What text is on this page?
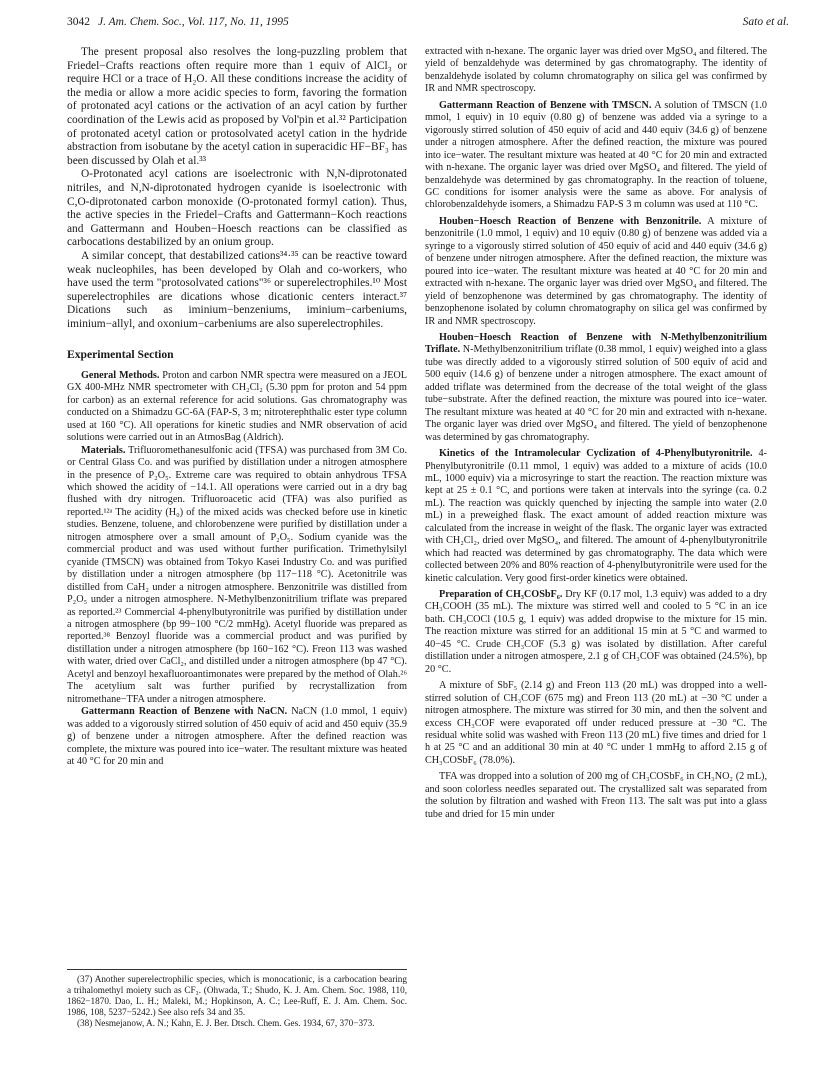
3042 J. Am. Chem. Soc., Vol. 117, No. 11, 1995	Sato et al.

The present proposal also resolves the long-puzzling problem that Friedel−Crafts reactions often require more than 1 equiv of AlCl₃ or require HCl or a trace of H₂O. All these conditions increase the acidity of the media or allow a more acidic species to form, favoring the formation of protonated acyl cations or the activation of an acyl cation by further coordination of the Lewis acid as proposed by Vol'pin et al.³² Participation of protonated acetyl cation or protosolvated acetyl cation in the hydride abstraction from isobutane by the acetyl cation in superacidic HF−BF₃ has been discussed by Olah et al.³³

O-Protonated acyl cations are isoelectronic with N,N-diprotonated nitriles, and N,N-diprotonated hydrogen cyanide is isoelectronic with C,O-diprotonated carbon monoxide (O-protonated formyl cation). Thus, the active species in the Friedel−Crafts and Gattermann−Koch reactions and Gattermann and Houben−Hoesch reactions can be classified as carbocations destabilized by an onium group.

A similar concept, that destabilized cations³⁴·³⁵ can be reactive toward weak nucleophiles, has been developed by Olah and co-workers, who have used the term "protosolvated cations"³⁶ or superelectrophiles.¹⁰ Most superelectrophiles are dications whose dicationic centers interact.³⁷ Dications such as iminium−benzeniums, iminium−carbeniums, iminium−allyl, and oxonium−carbeniums are also superelectrophiles.

Experimental Section

General Methods. Proton and carbon NMR spectra were measured on a JEOL GX 400-MHz NMR spectrometer with CH₂Cl₂ (5.30 ppm for proton and 54 ppm for carbon) as an external reference for acid solutions. Gas chromatography was conducted on a Shimadzu GC-6A (FAP-S, 3 m; nitroterephthalic ester type column used at 160 °C). All operations for kinetic studies and NMR observation of acid solutions were carried out in an AtmosBag (Aldrich).

Materials. Trifluoromethanesulfonic acid (TFSA) was purchased from 3M Co. or Central Glass Co. and was purified by distillation under a nitrogen atmosphere in the presence of P₂O₅. Extreme care was required to obtain anhydrous TFSA which showed the acidity of −14.1. All operations were carried out in a dry bag flushed with dry nitrogen. Trifluoroacetic acid (TFA) was also purified as reported.¹²ᵃ The acidity (H₀) of the mixed acids was checked before use in kinetic studies. Benzene, toluene, and chlorobenzene were purified by distillation under a nitrogen atmosphere over a small amount of P₂O₅. Sodium cyanide was the commercial product and was used without further purification. Trimethylsilyl cyanide (TMSCN) was obtained from Tokyo Kasei Industry Co. and was purified by distillation under a nitrogen atmosphere (bp 117−118 °C). Acetonitrile was distilled from CaH₂ under a nitrogen atmosphere. Benzonitrile was distilled from P₂O₅ under a nitrogen atmosphere. N-Methylbenzonitrilium triflate was prepared as reported.²³ Commercial 4-phenylbutyronitrile was purified by distillation under a nitrogen atmosphere (bp 99−100 °C/2 mmHg). Acetyl fluoride was prepared as reported.³⁸ Benzoyl fluoride was a commercial product and was purified by distillation under a nitrogen atmosphere (bp 160−162 °C). Freon 113 was washed with water, dried over CaCl₂, and distilled under a nitrogen atmosphere (bp 47 °C). Acetyl and benzoyl hexafluoroantimonates were prepared by the method of Olah.²⁶ The acetylium salt was further purified by recrystallization from nitromethane−TFA under a nitrogen atmosphere.

Gattermann Reaction of Benzene with NaCN. NaCN (1.0 mmol, 1 equiv) was added to a vigorously stirred solution of 450 equiv of acid and 450 equiv (35.9 g) of benzene under a nitrogen atmosphere. After the defined reaction was complete, the mixture was poured into ice−water. The resultant mixture was heated at 40 °C for 20 min and

(37) Another superelectrophilic species, which is monocationic, is a carbocation bearing a trihalomethyl moiety such as CF₃. (Ohwada, T.; Shudo, K. J. Am. Chem. Soc. 1988, 110, 1862−1870. Dao, L. H.; Maleki, M.; Hopkinson, A. C.; Lee-Ruff, E. J. Am. Chem. Soc. 1986, 108, 5237−5242.) See also refs 34 and 35.

(38) Nesmejanow, A. N.; Kahn, E. J. Ber. Dtsch. Chem. Ges. 1934, 67, 370−373.

extracted with n-hexane. The organic layer was dried over MgSO₄ and filtered. The yield of benzaldehyde was determined by gas chromatography. The identity of benzaldehyde isolated by column chromatography on silica gel was confirmed by IR and NMR spectroscopy.

Gattermann Reaction of Benzene with TMSCN. A solution of TMSCN (1.0 mmol, 1 equiv) in 10 equiv (0.80 g) of benzene was added via a syringe to a vigorously stirred solution of 450 equiv of acid and 440 equiv (34.6 g) of benzene under a nitrogen atmosphere. After the defined reaction, the mixture was poured into ice−water. The resultant mixture was heated at 40 °C for 20 min and extracted with n-hexane. The organic layer was dried over MgSO₄ and filtered. The yield of benzaldehyde was determined by gas chromatography. In the reaction of toluene, GC conditions for isomer analysis were the same as above. For analysis of chlorobenzaldehyde isomers, a Shimadzu FAP-S 3 m column was used at 110 °C.

Houben−Hoesch Reaction of Benzene with Benzonitrile. A mixture of benzonitrile (1.0 mmol, 1 equiv) and 10 equiv (0.80 g) of benzene was added via a syringe to a vigorously stirred solution of 450 equiv of acid and 440 equiv (34.6 g) of benzene under nitrogen atmosphere. After the defined reaction, the mixture was poured into ice−water. The resultant mixture was heated at 40 °C for 20 min and extracted with n-hexane. The organic layer was dried over MgSO₄ and filtered. The yield of benzophenone was determined by gas chromatography. The identity of benzophenone isolated by column chromatography on silica gel was confirmed by IR and NMR spectroscopy.

Houben−Hoesch Reaction of Benzene with N-Methylbenzonitrilium Triflate. N-Methylbenzonitrilium triflate (0.38 mmol, 1 equiv) weighed into a glass tube was directly added to a vigorously stirred solution of 500 equiv of acid and 500 equiv (14.6 g) of benzene under a nitrogen atmosphere. The exact amount of added triflate was determined from the decrease of the total weight of the glass tube−substrate. After the defined reaction, the mixture was poured into ice−water. The resultant mixture was heated at 40 °C for 20 min and extracted with n-hexane. The organic layer was dried over MgSO₄ and filtered. The yield of benzophenone was determined by gas chromatography.

Kinetics of the Intramolecular Cyclization of 4-Phenylbutyronitrile. 4-Phenylbutyronitrile (0.11 mmol, 1 equiv) was added to a mixture of acids (10.0 mL, 1000 equiv) via a microsyringe to start the reaction. The reaction mixture was kept at 25 ± 0.1 °C, and portions were taken at intervals into the syringe (ca. 0.2 mL). The reaction was quickly quenched by injecting the sample into water (2.0 mL) in a preweighed flask. The exact amount of added reaction mixture was calculated from the increase in weight of the flask. The organic layer was extracted with CH₂Cl₂, dried over MgSO₄, and filtered. The amount of 4-phenylbutyronitrile which had reacted was determined by gas chromatography. The data which were collected between 20% and 80% reaction of 4-phenylbutyronitrile were used for the kinetic calculation. Very good first-order kinetics were obtained.

Preparation of CH₃COSbF₆. Dry KF (0.17 mol, 1.3 equiv) was added to a dry CH₃COOH (35 mL). The mixture was stirred well and cooled to 5 °C in an ice bath. CH₃COCl (10.5 g, 1 equiv) was added dropwise to the mixture for 15 min. The reaction mixture was stirred for an additional 15 min at 5 °C and warmed to 40−45 °C. Crude CH₃COF (5.3 g) was isolated by distillation. After careful distillation under a nitrogen atmospere, 2.1 g of CH₃COF was obtained (24.5%), bp 20 °C.

A mixture of SbF₅ (2.14 g) and Freon 113 (20 mL) was dropped into a well-stirred solution of CH₃COF (675 mg) and Freon 113 (20 mL) at −30 °C under a nitrogen atmosphere. The mixture was stirred for 30 min, and then the solvent and excess CH₃COF were evaporated off under reduced pressure at −30 °C. The residual white solid was washed with Freon 113 (20 mL) five times and dried for 1 h at 25 °C and an additional 30 min at 40 °C under 1 mmHg to afford 2.15 g of CH₃COSbF₆ (78.0%).

TFA was dropped into a solution of 200 mg of CH₃COSbF₆ in CH₃NO₂ (2 mL), and soon colorless needles separated out. The crystallized salt was separated from the solution by filtration and washed with Freon 113. The salt was put into a glass tube and dried for 15 min under
